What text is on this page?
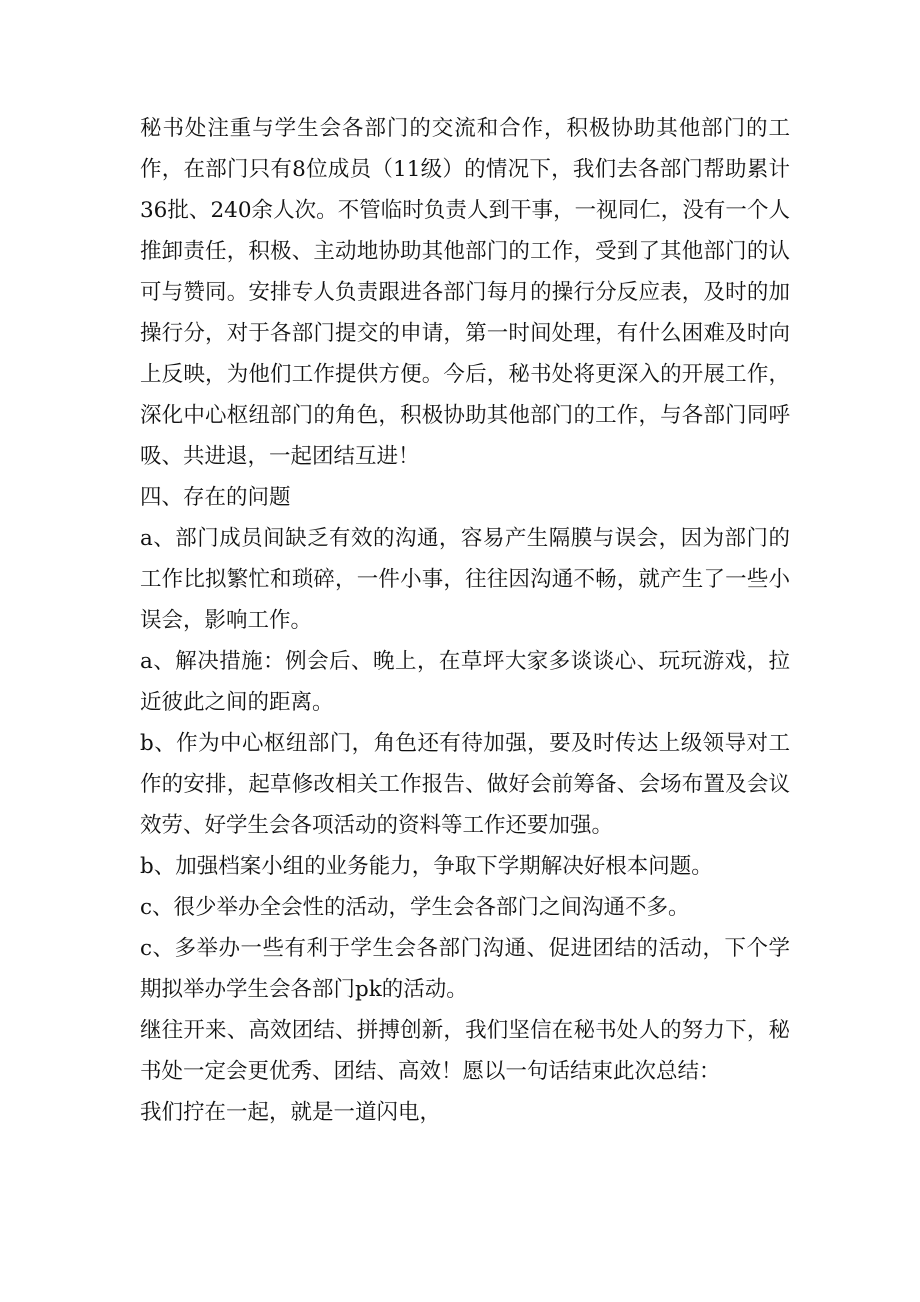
秘书处注重与学生会各部门的交流和合作，积极协助其他部门的工作，在部门只有8位成员（11级）的情况下，我们去各部门帮助累计36批、240余人次。不管临时负责人到干事，一视同仁，没有一个人推卸责任，积极、主动地协助其他部门的工作，受到了其他部门的认可与赞同。安排专人负责跟进各部门每月的操行分反应表，及时的加操行分，对于各部门提交的申请，第一时间处理，有什么困难及时向上反映，为他们工作提供方便。今后，秘书处将更深入的开展工作，深化中心枢纽部门的角色，积极协助其他部门的工作，与各部门同呼吸、共进退，一起团结互进！

四、存在的问题

a、部门成员间缺乏有效的沟通，容易产生隔膜与误会，因为部门的工作比拟繁忙和琐碎，一件小事，往往因沟通不畅，就产生了一些小误会，影响工作。

a、解决措施：例会后、晚上，在草坪大家多谈谈心、玩玩游戏，拉近彼此之间的距离。

b、作为中心枢纽部门，角色还有待加强，要及时传达上级领导对工作的安排，起草修改相关工作报告、做好会前筹备、会场布置及会议效劳、好学生会各项活动的资料等工作还要加强。

b、加强档案小组的业务能力，争取下学期解决好根本问题。

c、很少举办全会性的活动，学生会各部门之间沟通不多。

c、多举办一些有利于学生会各部门沟通、促进团结的活动，下个学期拟举办学生会各部门pk的活动。

继往开来、高效团结、拼搏创新，我们坚信在秘书处人的努力下，秘书处一定会更优秀、团结、高效！愿以一句话结束此次总结：

我们拧在一起，就是一道闪电，
